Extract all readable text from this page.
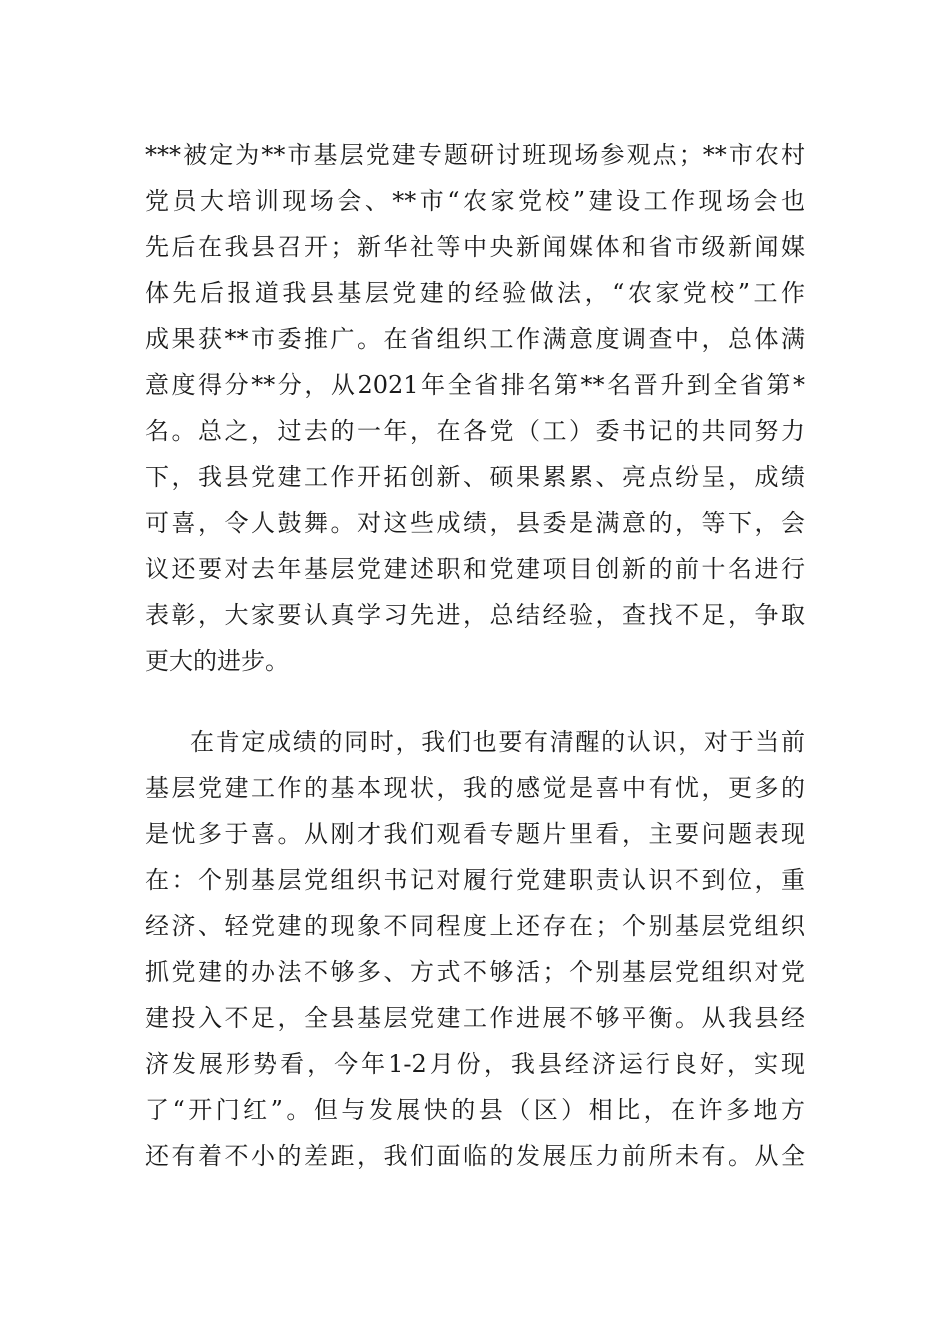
***被定为**市基层党建专题研讨班现场参观点；**市农村
党员大培训现场会、**市“农家党校”建设工作现场会也
先后在我县召开；新华社等中央新闻媒体和省市级新闻媒
体先后报道我县基层党建的经验做法，“农家党校”工作
成果获**市委推广。在省组织工作满意度调查中，总体满
意度得分**分，从2021年全省排名第**名晋升到全省第*
名。总之，过去的一年，在各党（工）委书记的共同努力
下，我县党建工作开拓创新、硕果累累、亮点纷呈，成绩
可喜，令人鼓舞。对这些成绩，县委是满意的，等下，会
议还要对去年基层党建述职和党建项目创新的前十名进行
表彰，大家要认真学习先进，总结经验，查找不足，争取
更大的进步。
在肯定成绩的同时，我们也要有清醒的认识，对于当前
基层党建工作的基本现状，我的感觉是喜中有忧，更多的
是忧多于喜。从刚才我们观看专题片里看，主要问题表现
在：个别基层党组织书记对履行党建职责认识不到位，重
经济、轻党建的现象不同程度上还存在；个别基层党组织
抓党建的办法不够多、方式不够活；个别基层党组织对党
建投入不足，全县基层党建工作进展不够平衡。从我县经
济发展形势看，今年1-2月份，我县经济运行良好，实现
了“开门红”。但与发展快的县（区）相比，在许多地方
还有着不小的差距，我们面临的发展压力前所未有。从全
